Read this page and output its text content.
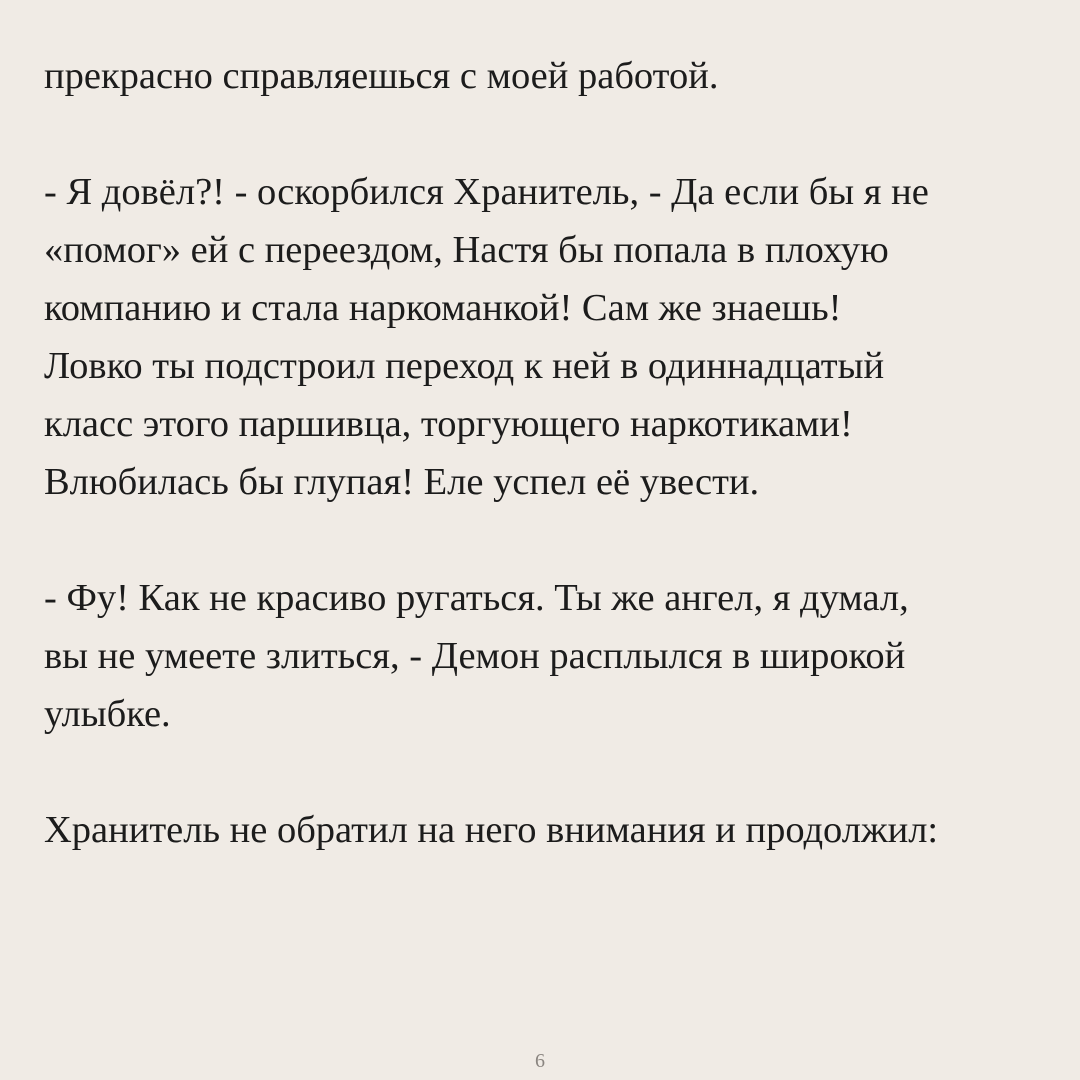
прекрасно справляешься с моей работой.
- Я довёл?! - оскорбился Хранитель, - Да если бы я не
«помог» ей с переездом, Настя бы попала в плохую
компанию и стала наркоманкой! Сам же знаешь!
Ловко ты подстроил переход к ней в одиннадцатый
класс этого паршивца, торгующего наркотиками!
Влюбилась бы глупая! Еле успел её увести.
- Фу! Как не красиво ругаться. Ты же ангел, я думал,
вы не умеете злиться, - Демон расплылся в широкой
улыбке.
Хранитель не обратил на него внимания и продолжил:
6
